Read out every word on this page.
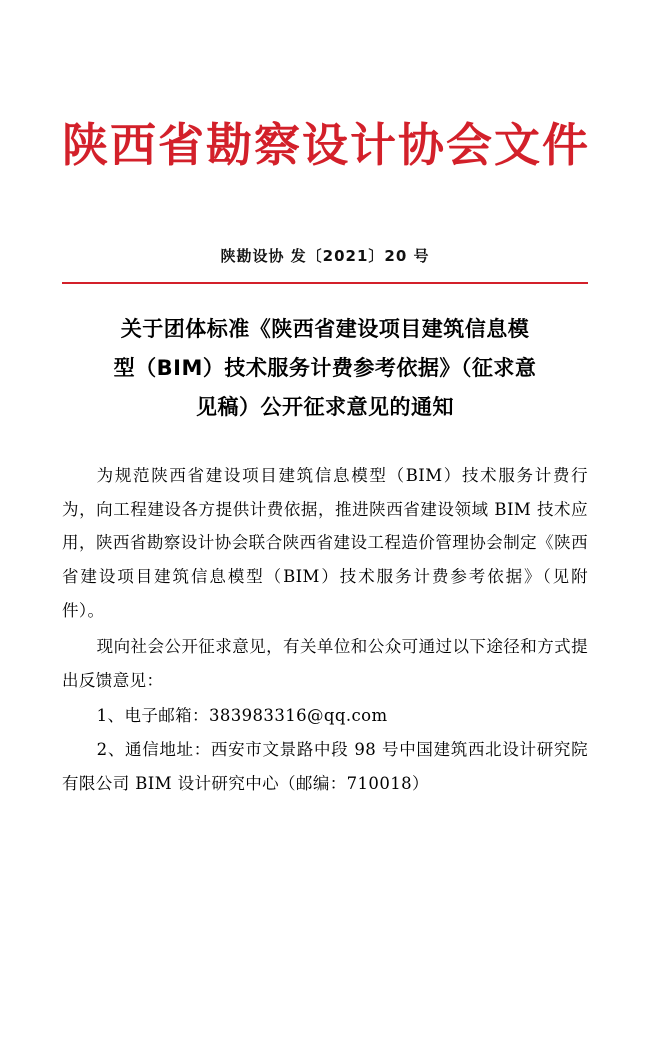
陕西省勘察设计协会文件
陕勘设协 发〔2021〕20 号
关于团体标准《陕西省建设项目建筑信息模
型（BIM）技术服务计费参考依据》（征求意
见稿）公开征求意见的通知

为规范陕西省建设项目建筑信息模型（BIM）技术服务计费行为，向工程建设各方提供计费依据，推进陕西省建设领域 BIM 技术应用，陕西省勘察设计协会联合陕西省建设工程造价管理协会制定《陕西省建设项目建筑信息模型（BIM）技术服务计费参考依据》（见附件）。

现向社会公开征求意见，有关单位和公众可通过以下途径和方式提出反馈意见：

1、电子邮箱：383983316@qq.com

2、通信地址：西安市文景路中段 98 号中国建筑西北设计研究院有限公司 BIM 设计研究中心（邮编：710018）
